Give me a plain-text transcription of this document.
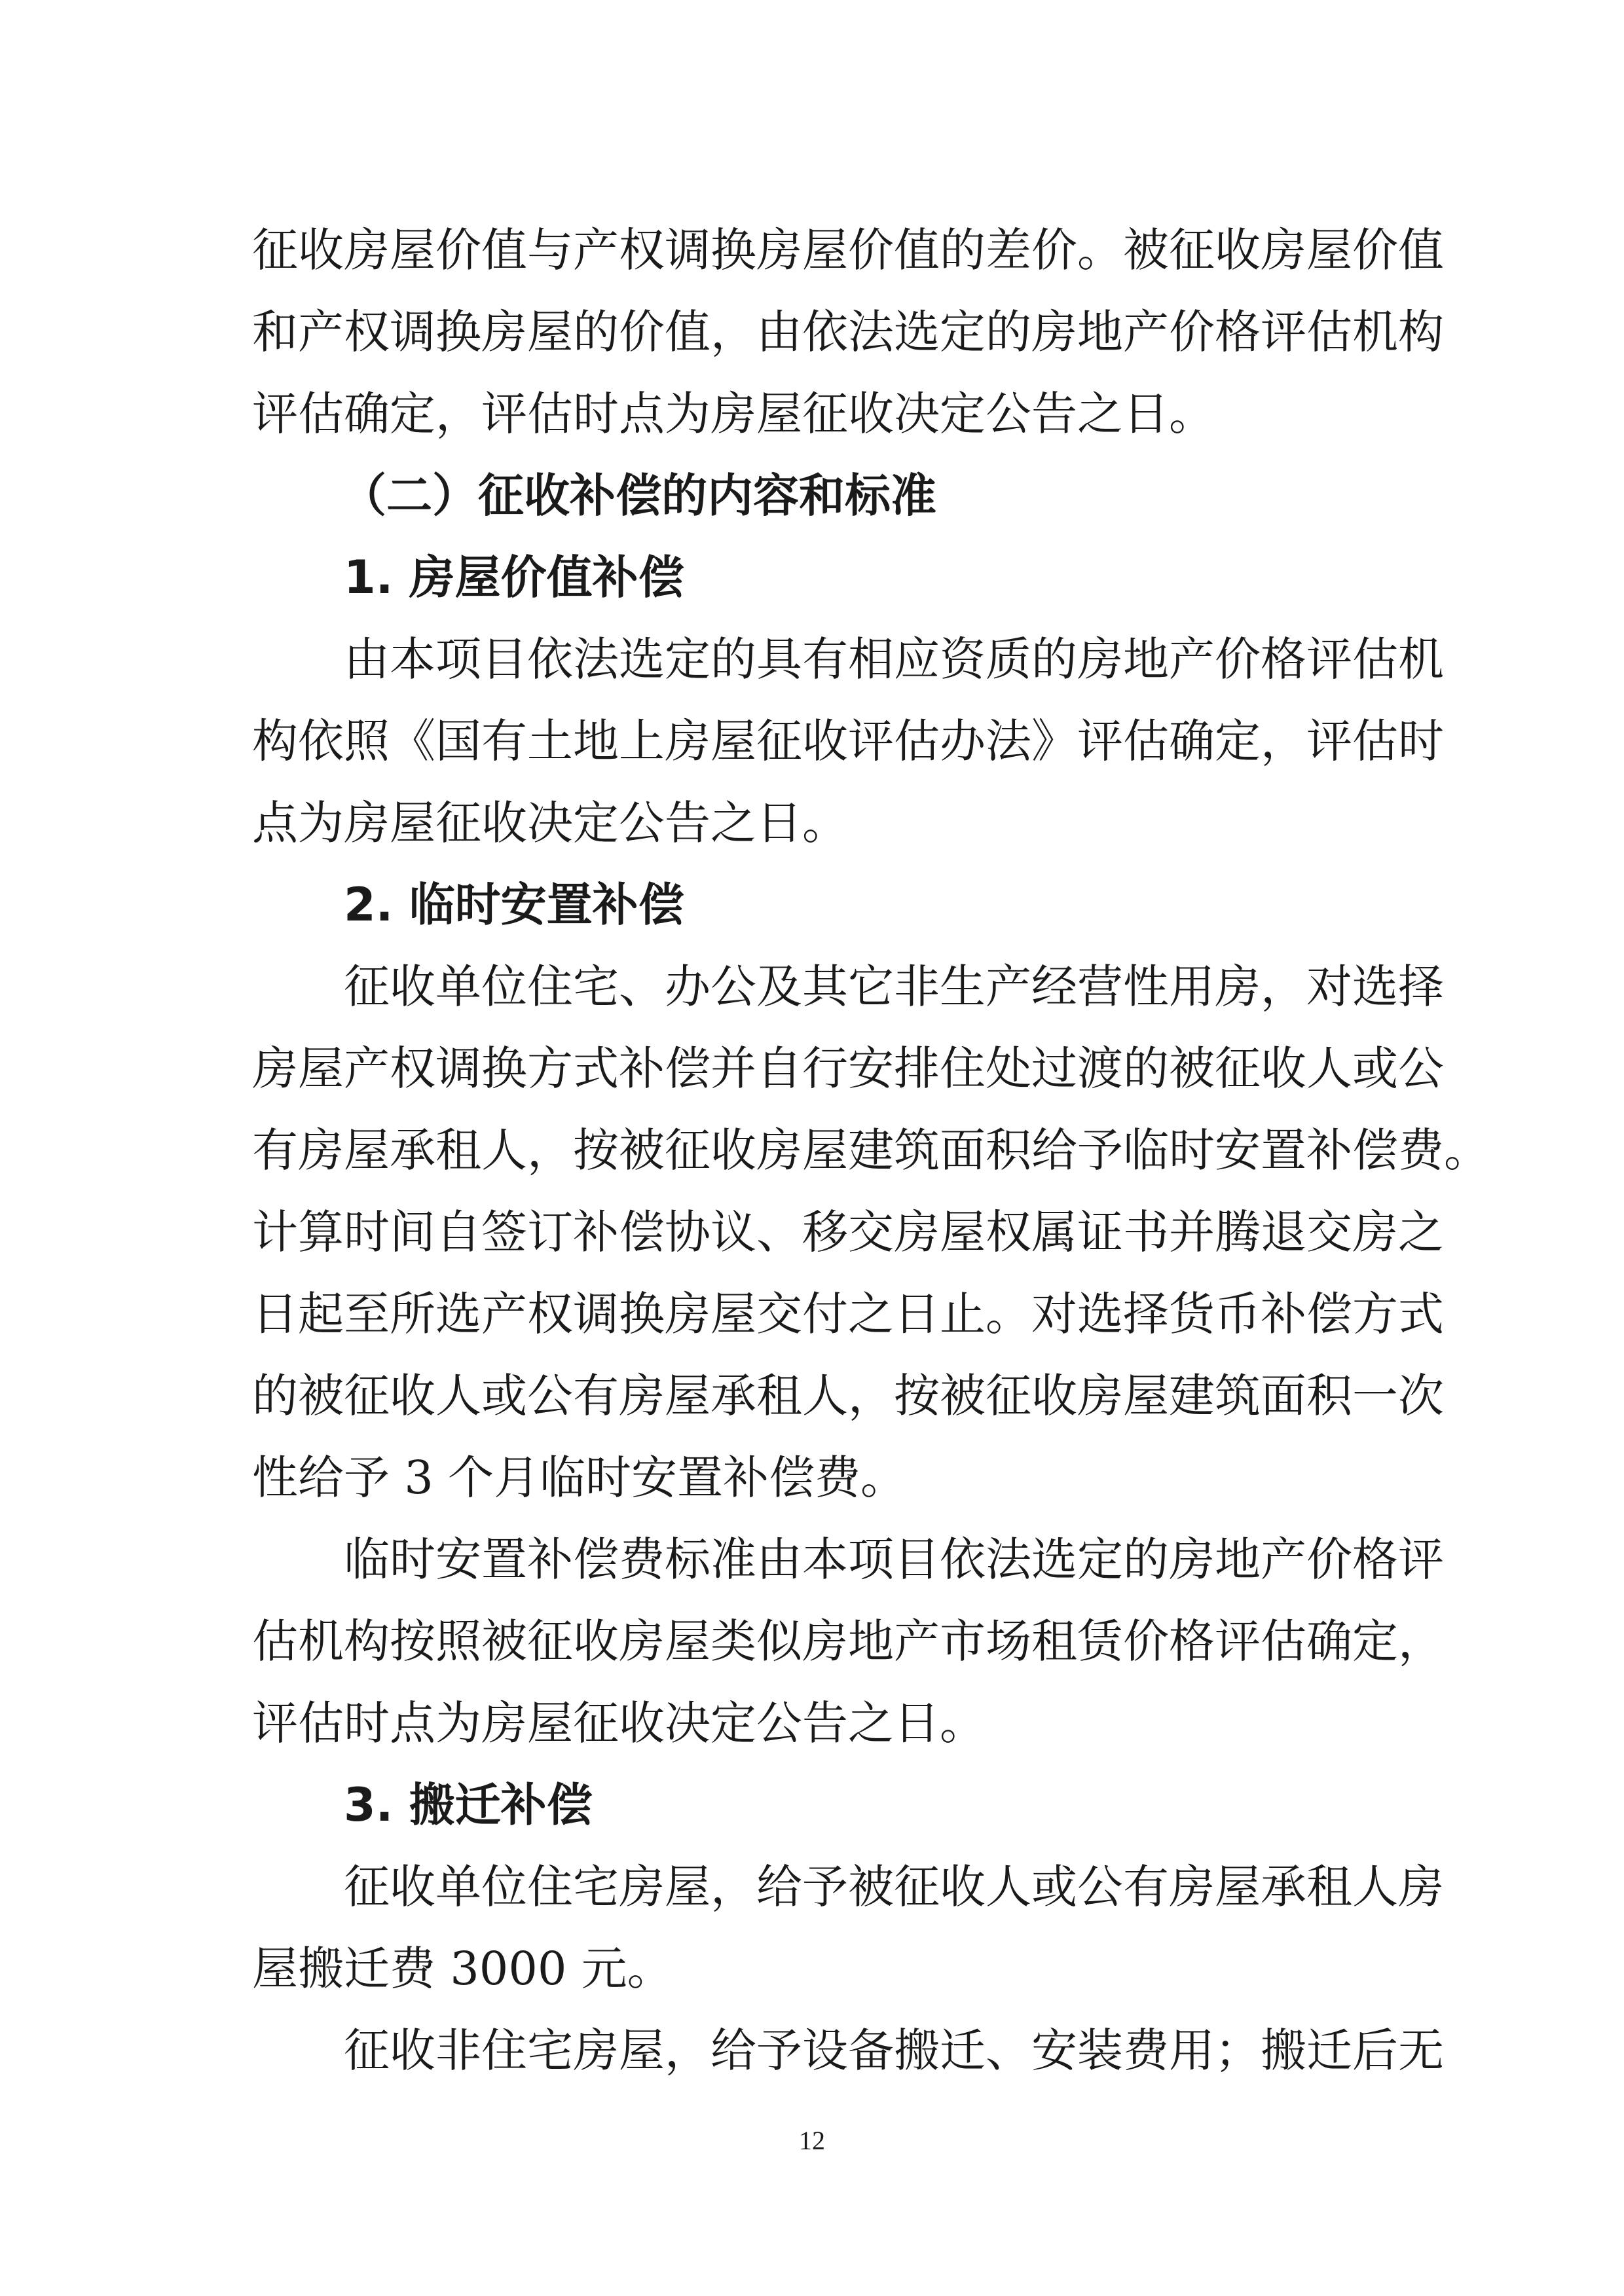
征收房屋价值与产权调换房屋价值的差价。被征收房屋价值
和产权调换房屋的价值，由依法选定的房地产价格评估机构
评估确定，评估时点为房屋征收决定公告之日。
（二）征收补偿的内容和标准
1. 房屋价值补偿
由本项目依法选定的具有相应资质的房地产价格评估机
构依照《国有土地上房屋征收评估办法》评估确定，评估时
点为房屋征收决定公告之日。
2. 临时安置补偿
征收单位住宅、办公及其它非生产经营性用房，对选择
房屋产权调换方式补偿并自行安排住处过渡的被征收人或公
有房屋承租人，按被征收房屋建筑面积给予临时安置补偿费。
计算时间自签订补偿协议、移交房屋权属证书并腾退交房之
日起至所选产权调换房屋交付之日止。对选择货币补偿方式
的被征收人或公有房屋承租人，按被征收房屋建筑面积一次
性给予 3 个月临时安置补偿费。
临时安置补偿费标准由本项目依法选定的房地产价格评
估机构按照被征收房屋类似房地产市场租赁价格评估确定，
评估时点为房屋征收决定公告之日。
3. 搬迁补偿
征收单位住宅房屋，给予被征收人或公有房屋承租人房
屋搬迁费 3000 元。
征收非住宅房屋，给予设备搬迁、安装费用；搬迁后无
12
